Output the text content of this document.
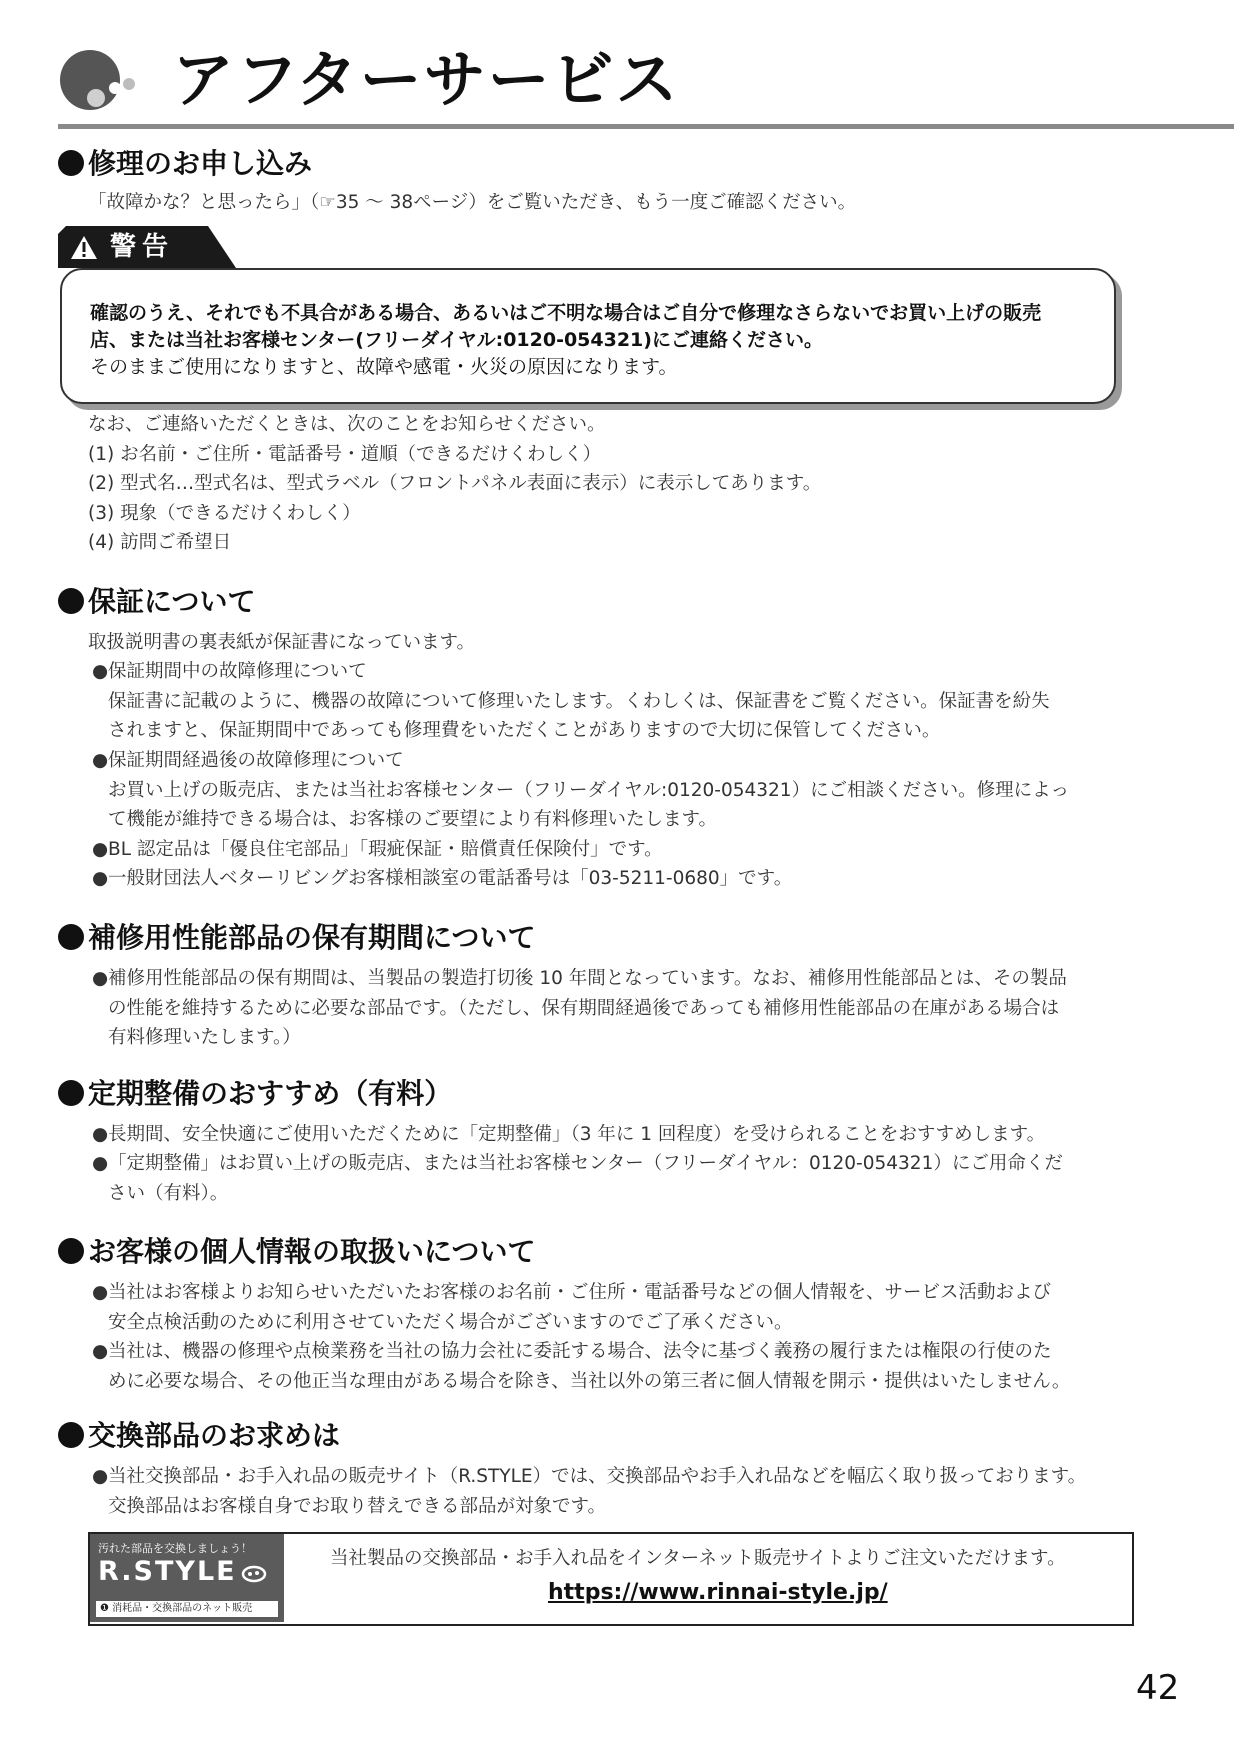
アフターサービス
修理のお申し込み
「故障かな？と思ったら」（☞35 ～ 38ページ）をご覧いただき、もう一度ご確認ください。
警告
確認のうえ、それでも不具合がある場合、あるいはご不明な場合はご自分で修理なさらないでお買い上げの販売
店、または当社お客様センター(フリーダイヤル:0120-054321)にご連絡ください。
そのままご使用になりますと、故障や感電・火災の原因になります。
なお、ご連絡いただくときは、次のことをお知らせください。
(1) お名前・ご住所・電話番号・道順（できるだけくわしく）
(2) 型式名…型式名は、型式ラベル（フロントパネル表面に表示）に表示してあります。
(3) 現象（できるだけくわしく）
(4) 訪問ご希望日
保証について
取扱説明書の裏表紙が保証書になっています。
● 保証期間中の故障修理について
保証書に記載のように、機器の故障について修理いたします。くわしくは、保証書をご覧ください。保証書を紛失
されますと、保証期間中であっても修理費をいただくことがありますので大切に保管してください。
● 保証期間経過後の故障修理について
お買い上げの販売店、または当社お客様センター（フリーダイヤル:0120-054321）にご相談ください。修理によっ
て機能が維持できる場合は、お客様のご要望により有料修理いたします。
● BL 認定品は「優良住宅部品」「瑕疵保証・賠償責任保険付」です。
● 一般財団法人ベターリビングお客様相談室の電話番号は「03-5211-0680」です。
補修用性能部品の保有期間について
● 補修用性能部品の保有期間は、当製品の製造打切後 10 年間となっています。なお、補修用性能部品とは、その製品
の性能を維持するために必要な部品です。（ただし、保有期間経過後であっても補修用性能部品の在庫がある場合は
有料修理いたします。）
定期整備のおすすめ（有料）
● 長期間、安全快適にご使用いただくために「定期整備」（3 年に 1 回程度）を受けられることをおすすめします。
● 「定期整備」はお買い上げの販売店、または当社お客様センター（フリーダイヤル：0120-054321）にご用命くだ
さい（有料）。
お客様の個人情報の取扱いについて
● 当社はお客様よりお知らせいただいたお客様のお名前・ご住所・電話番号などの個人情報を、サービス活動および
安全点検活動のために利用させていただく場合がございますのでご了承ください。
● 当社は、機器の修理や点検業務を当社の協力会社に委託する場合、法令に基づく義務の履行または権限の行使のた
めに必要な場合、その他正当な理由がある場合を除き、当社以外の第三者に個人情報を開示・提供はいたしません。
交換部品のお求めは
● 当社交換部品・お手入れ品の販売サイト（R.STYLE）では、交換部品やお手入れ品などを幅広く取り扱っております。
交換部品はお客様自身でお取り替えできる部品が対象です。
汚れた部品を交換しましょう！
R.STYLE
❶ 消耗品・交換部品のネット販売
当社製品の交換部品・お手入れ品をインターネット販売サイトよりご注文いただけます。
https://www.rinnai-style.jp/
42
